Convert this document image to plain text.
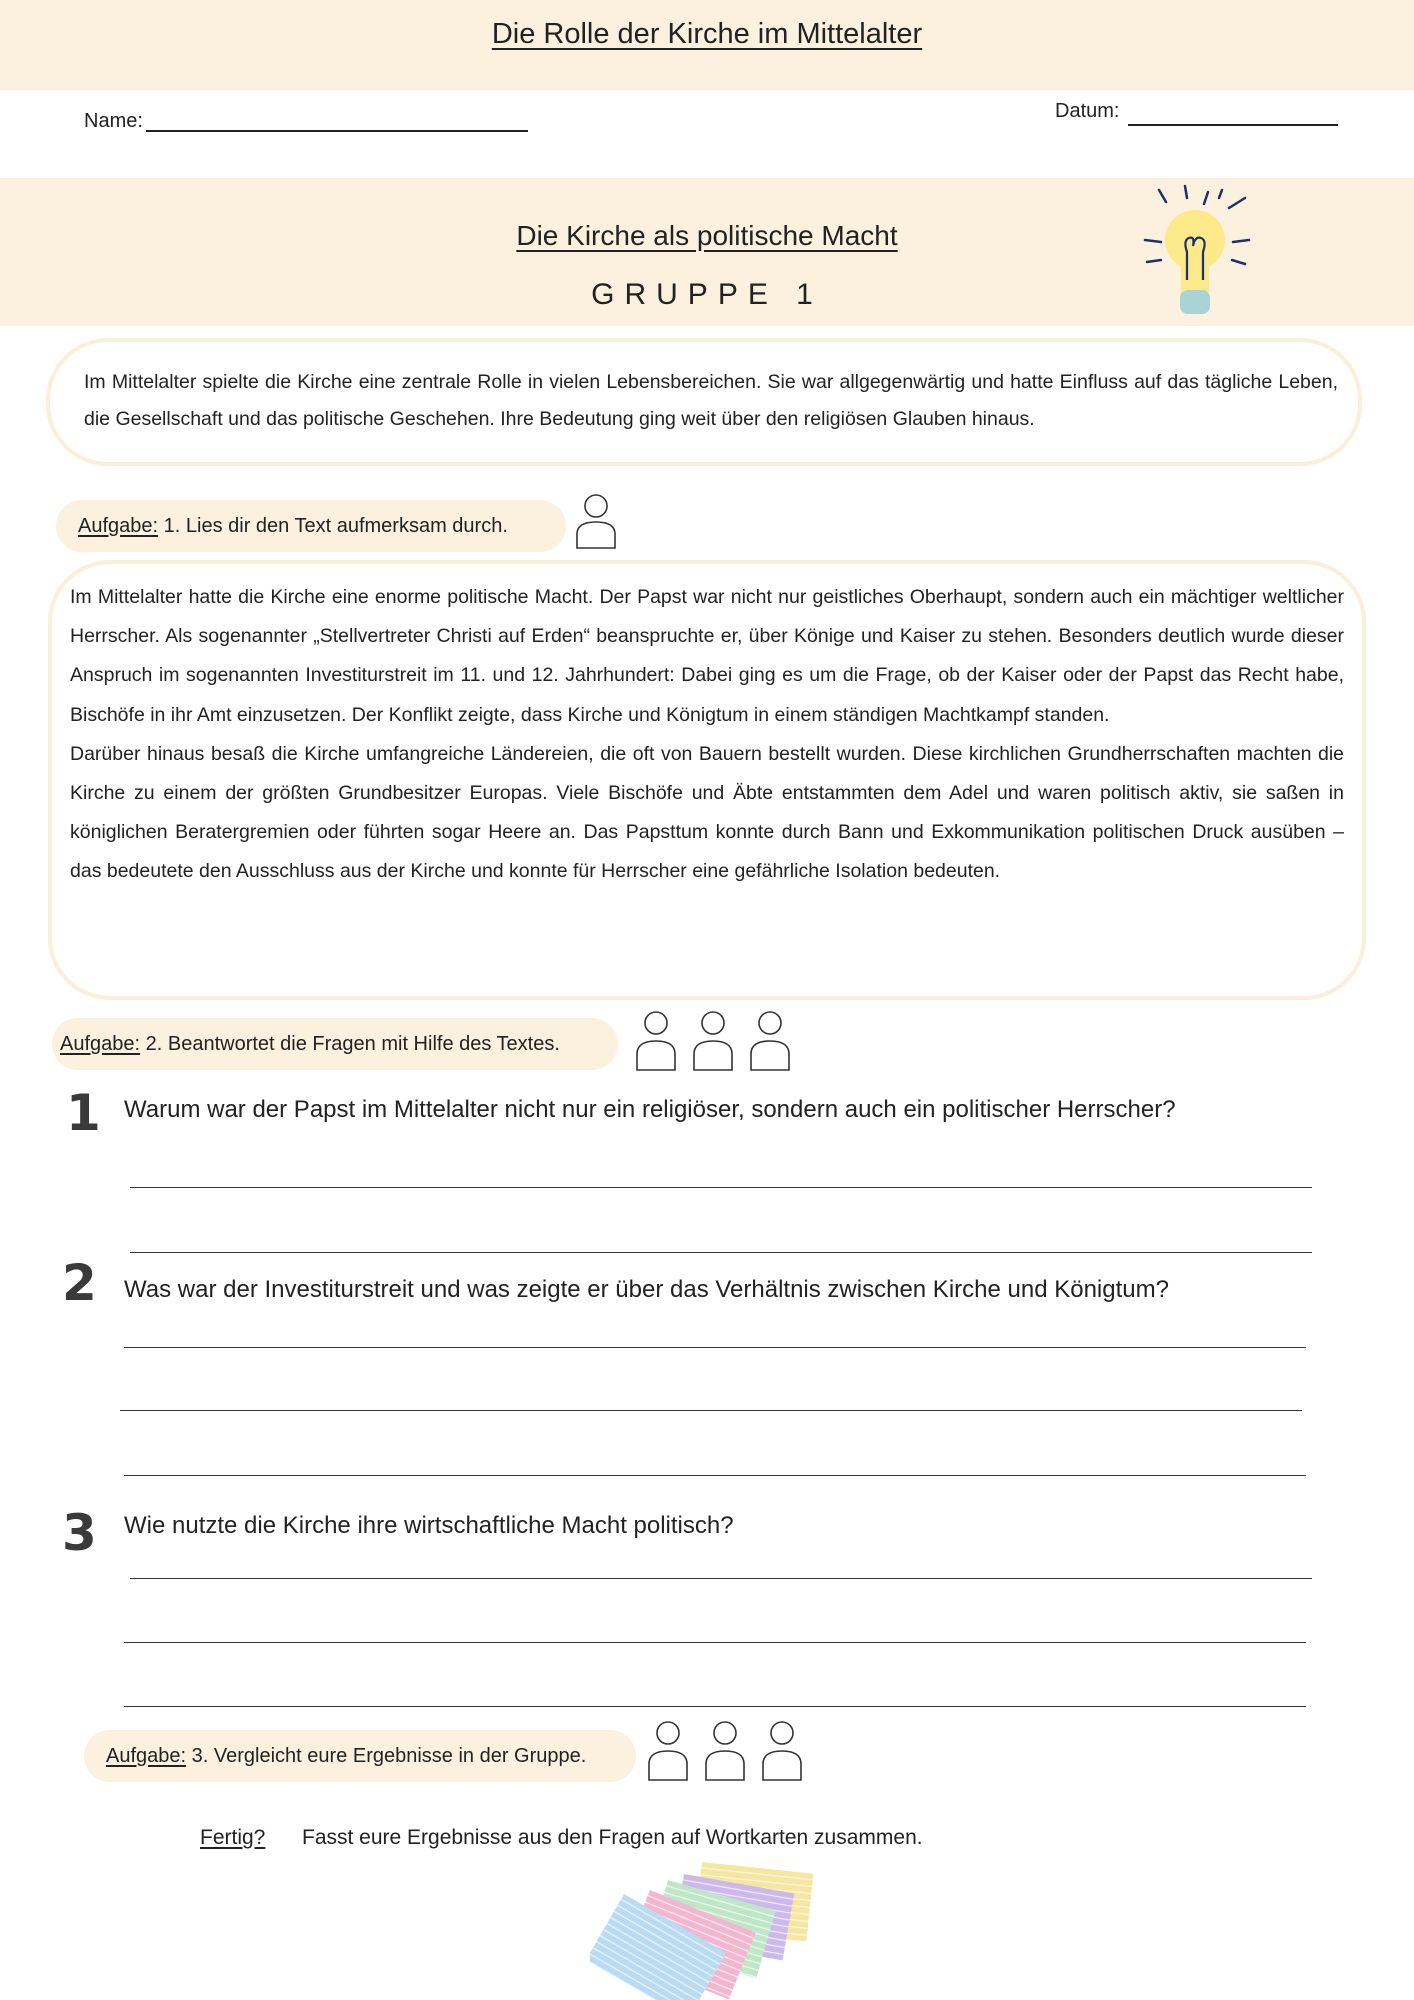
Die Rolle der Kirche im Mittelalter
Name:	Datum:
Die Kirche als politische Macht
GRUPPE 1
Im Mittelalter spielte die Kirche eine zentrale Rolle in vielen Lebensbereichen. Sie war allgegenwärtig und hatte Einfluss auf das tägliche Leben, die Gesellschaft und das politische Geschehen. Ihre Bedeutung ging weit über den religiösen Glauben hinaus.
Aufgabe: 1. Lies dir den Text aufmerksam durch.

Im Mittelalter hatte die Kirche eine enorme politische Macht. Der Papst war nicht nur geistliches Oberhaupt, sondern auch ein mächtiger weltlicher Herrscher. Als sogenannter „Stellvertreter Christi auf Erden“ beanspruchte er, über Könige und Kaiser zu stehen. Besonders deutlich wurde dieser Anspruch im sogenannten Investiturstreit im 11. und 12. Jahrhundert: Dabei ging es um die Frage, ob der Kaiser oder der Papst das Recht habe, Bischöfe in ihr Amt einzusetzen. Der Konflikt zeigte, dass Kirche und Königtum in einem ständigen Machtkampf standen.

Darüber hinaus besaß die Kirche umfangreiche Ländereien, die oft von Bauern bestellt wurden. Diese kirchlichen Grundherrschaften machten die Kirche zu einem der größten Grundbesitzer Europas. Viele Bischöfe und Äbte entstammten dem Adel und waren politisch aktiv, sie saßen in königlichen Beratergremien oder führten sogar Heere an. Das Papsttum konnte durch Bann und Exkommunikation politischen Druck ausüben – das bedeutete den Ausschluss aus der Kirche und konnte für Herrscher eine gefährliche Isolation bedeuten.

Aufgabe: 2. Beantwortet die Fragen mit Hilfe des Textes.
1 Warum war der Papst im Mittelalter nicht nur ein religiöser, sondern auch ein politischer Herrscher?
2 Was war der Investiturstreit und was zeigte er über das Verhältnis zwischen Kirche und Königtum?
3 Wie nutzte die Kirche ihre wirtschaftliche Macht politisch?
Aufgabe: 3. Vergleicht eure Ergebnisse in der Gruppe.
Fertig? Fasst eure Ergebnisse aus den Fragen auf Wortkarten zusammen.
